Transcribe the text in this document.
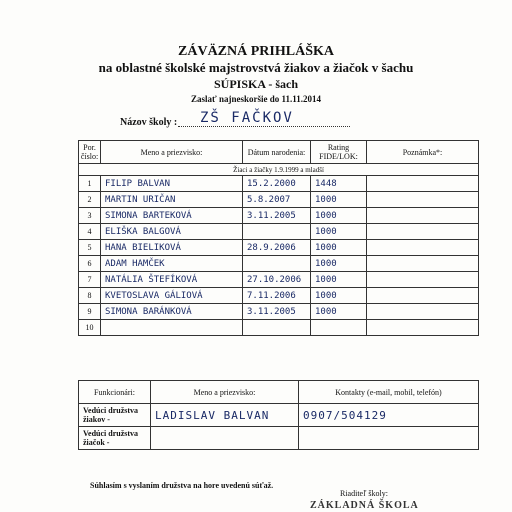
ZÁVÄZNÁ PRIHLÁŠKA
na oblastné školské majstrovstvá žiakov a žiačok v šachu
SÚPISKA - šach
Zaslať najneskoršie do 11.11.2014
Názov školy : ZŠ FAČKOV
Por. číslo:	Meno a priezvisko:	Dátum narodenia:	Rating FIDE/LOK:	Poznámka*:
Žiaci a žiačky 1.9.1999 a mladší				
1	FILIP BALVAN	15.2.2000	1448	
2	MARTIN URIČAN	5.8.2007	1000	
3	SIMONA BARTEKOVÁ	3.11.2005	1000	
4	ELIŠKA BALGOVÁ		1000	
5	HANA BIELIKOVÁ	28.9.2006	1000	
6	ADAM HAMČEK		1000	
7	NATÁLIA ŠTEFÍKOVÁ	27.10.2006	1000	
8	KVETOSLAVA GÁLIOVÁ	7.11.2006	1000	
9	SIMONA BARÁNKOVÁ	3.11.2005	1000	
10				
Funkcionári:	Meno a priezvisko:	Kontakty (e-mail, mobil, telefón)
Vedúci družstva žiakov -	LADISLAV BALVAN	0907/504129
Vedúci družstva žiačok -		
Súhlasím s vyslaním družstva na hore uvedenú súťaž.
Riaditeľ školy:
ZÁKLADNÁ ŠKOLA
